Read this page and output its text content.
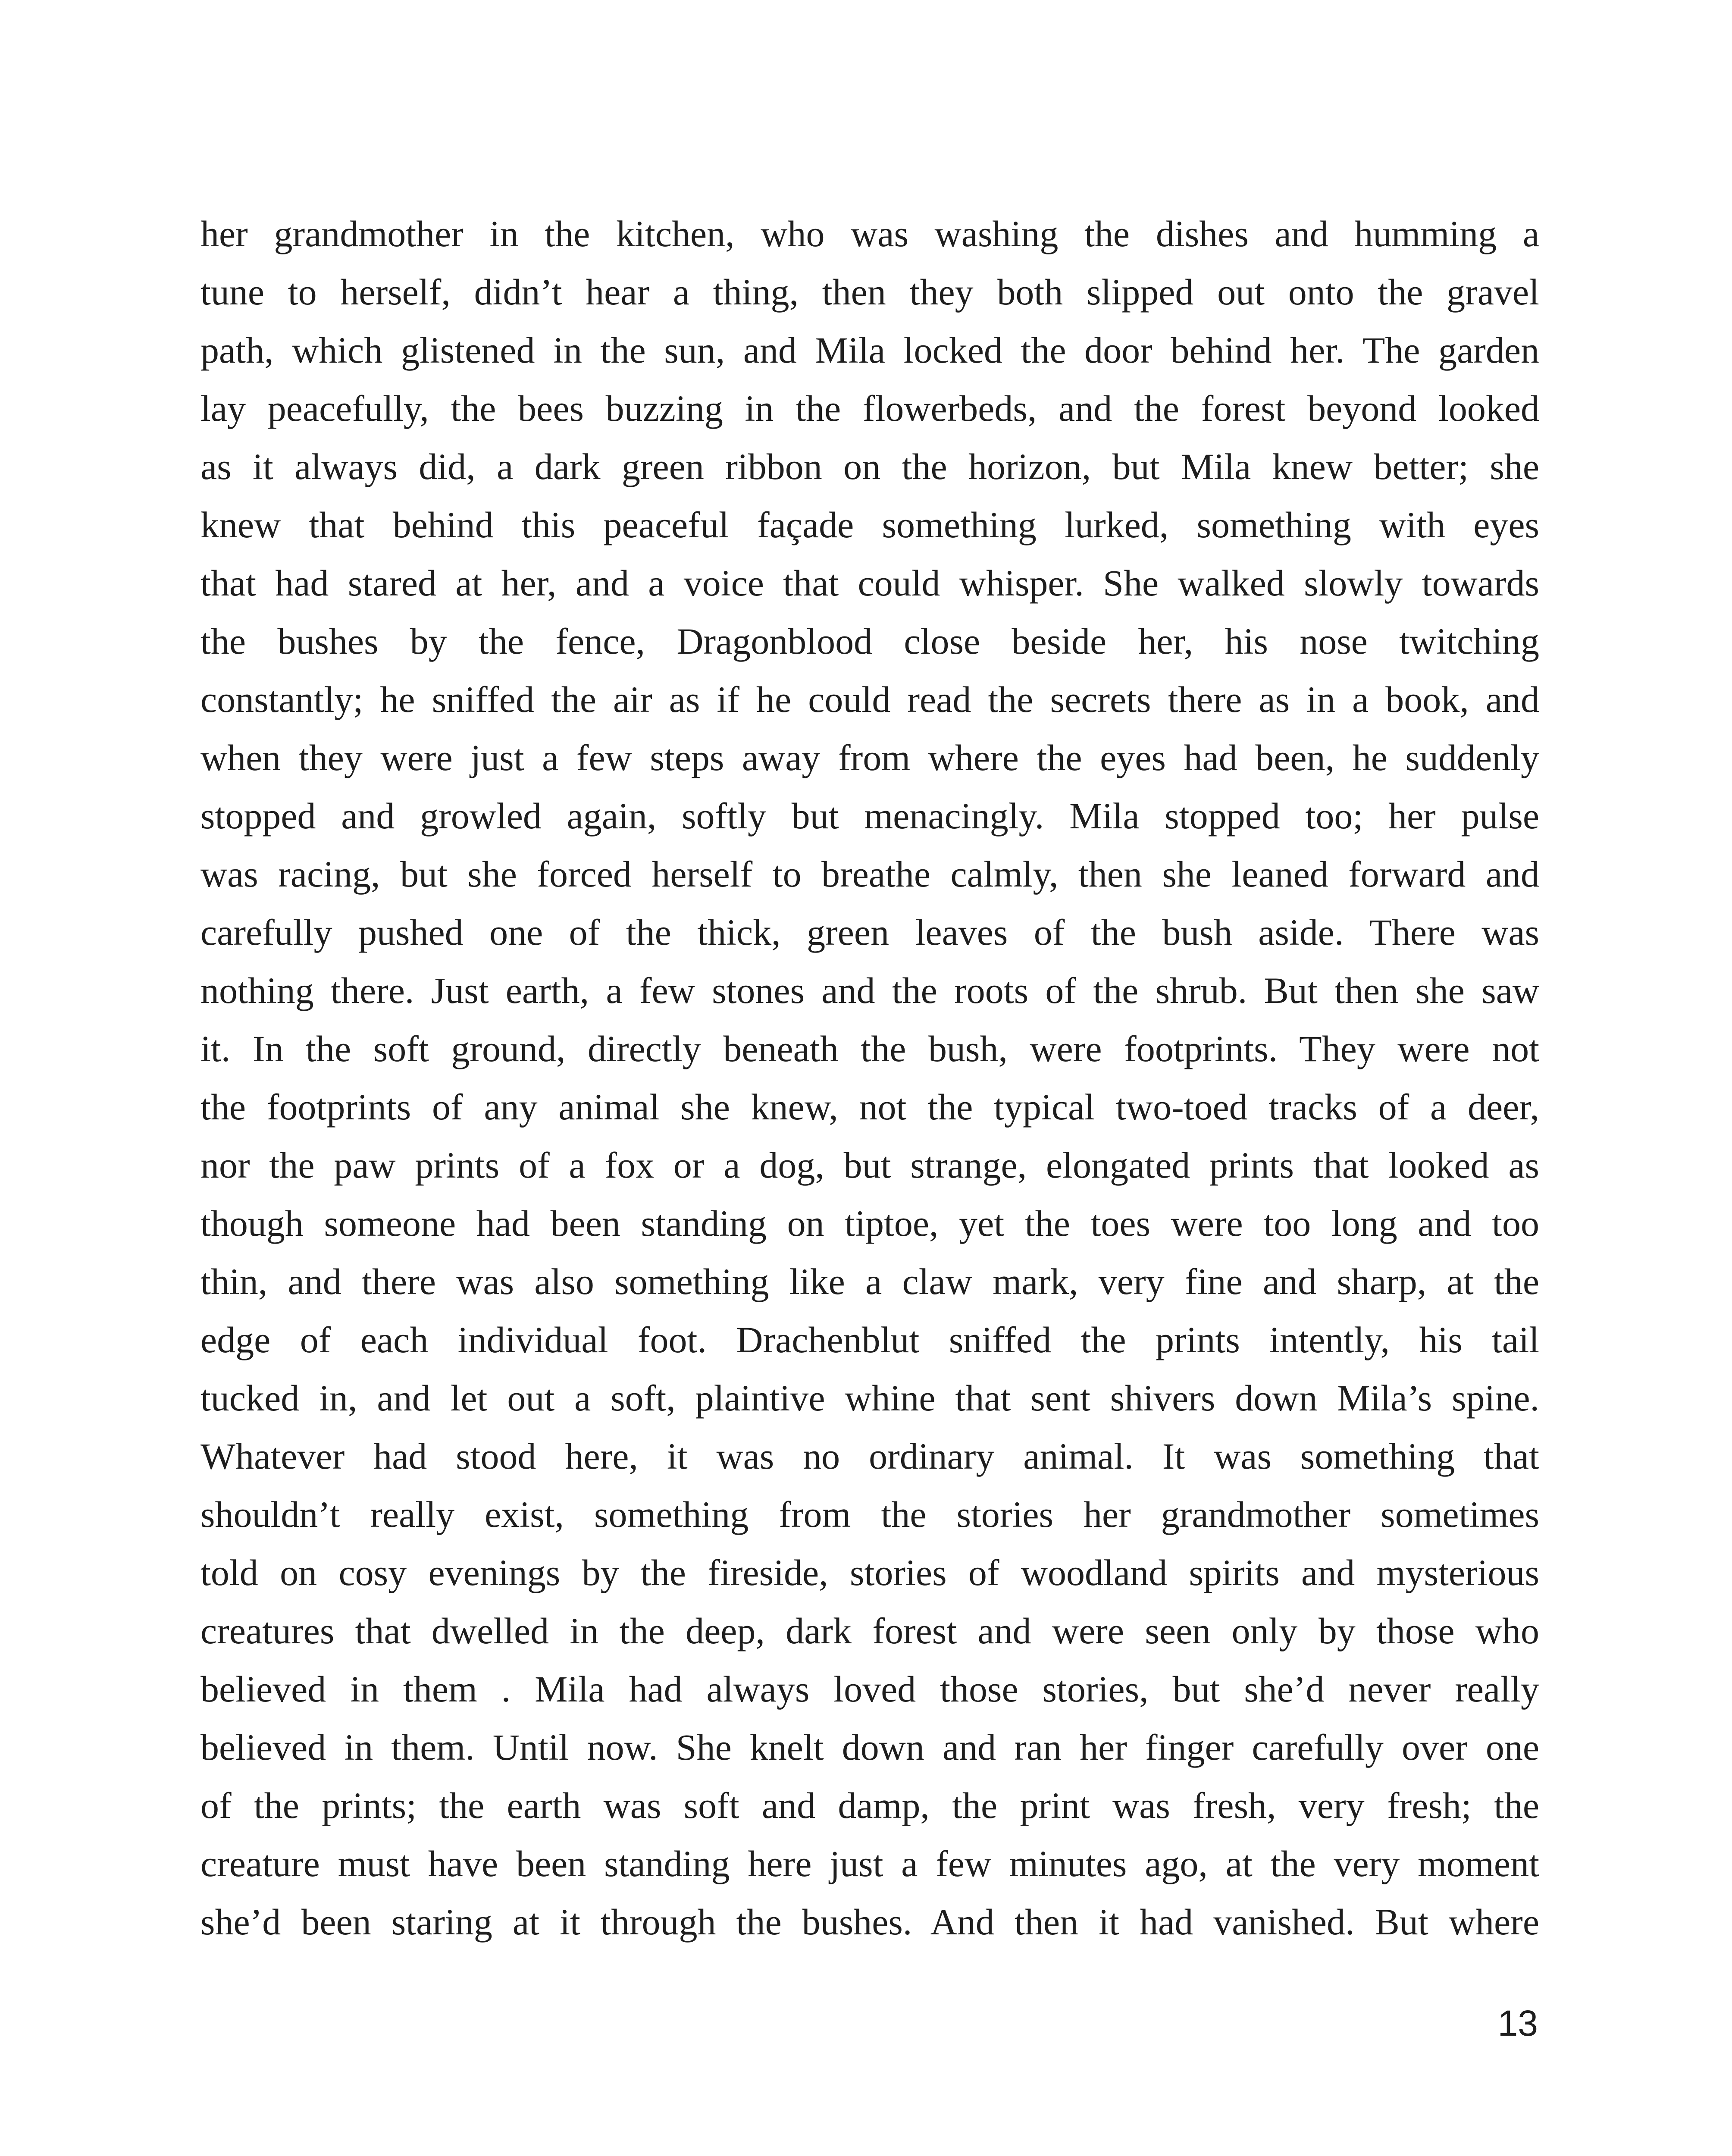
her grandmother in the kitchen, who was washing the dishes and humming a
tune to herself, didn’t hear a thing, then they both slipped out onto the gravel
path, which glistened in the sun, and Mila locked the door behind her. The garden
lay peacefully, the bees buzzing in the flowerbeds, and the forest beyond looked
as it always did, a dark green ribbon on the horizon, but Mila knew better; she
knew that behind this peaceful façade something lurked, something with eyes
that had stared at her, and a voice that could whisper. She walked slowly towards
the bushes by the fence, Dragonblood close beside her, his nose twitching
constantly; he sniffed the air as if he could read the secrets there as in a book, and
when they were just a few steps away from where the eyes had been, he suddenly
stopped and growled again, softly but menacingly. Mila stopped too; her pulse
was racing, but she forced herself to breathe calmly, then she leaned forward and
carefully pushed one of the thick, green leaves of the bush aside. There was
nothing there. Just earth, a few stones and the roots of the shrub. But then she saw
it. In the soft ground, directly beneath the bush, were footprints. They were not
the footprints of any animal she knew, not the typical two-toed tracks of a deer,
nor the paw prints of a fox or a dog, but strange, elongated prints that looked as
though someone had been standing on tiptoe, yet the toes were too long and too
thin, and there was also something like a claw mark, very fine and sharp, at the
edge of each individual foot. Drachenblut sniffed the prints intently, his tail
tucked in, and let out a soft, plaintive whine that sent shivers down Mila’s spine.
Whatever had stood here, it was no ordinary animal. It was something that
shouldn’t really exist, something from the stories her grandmother sometimes
told on cosy evenings by the fireside, stories of woodland spirits and mysterious
creatures that dwelled in the deep, dark forest and were seen only by those who
believed in them . Mila had always loved those stories, but she’d never really
believed in them. Until now. She knelt down and ran her finger carefully over one
of the prints; the earth was soft and damp, the print was fresh, very fresh; the
creature must have been standing here just a few minutes ago, at the very moment
she’d been staring at it through the bushes. And then it had vanished. But where
13
